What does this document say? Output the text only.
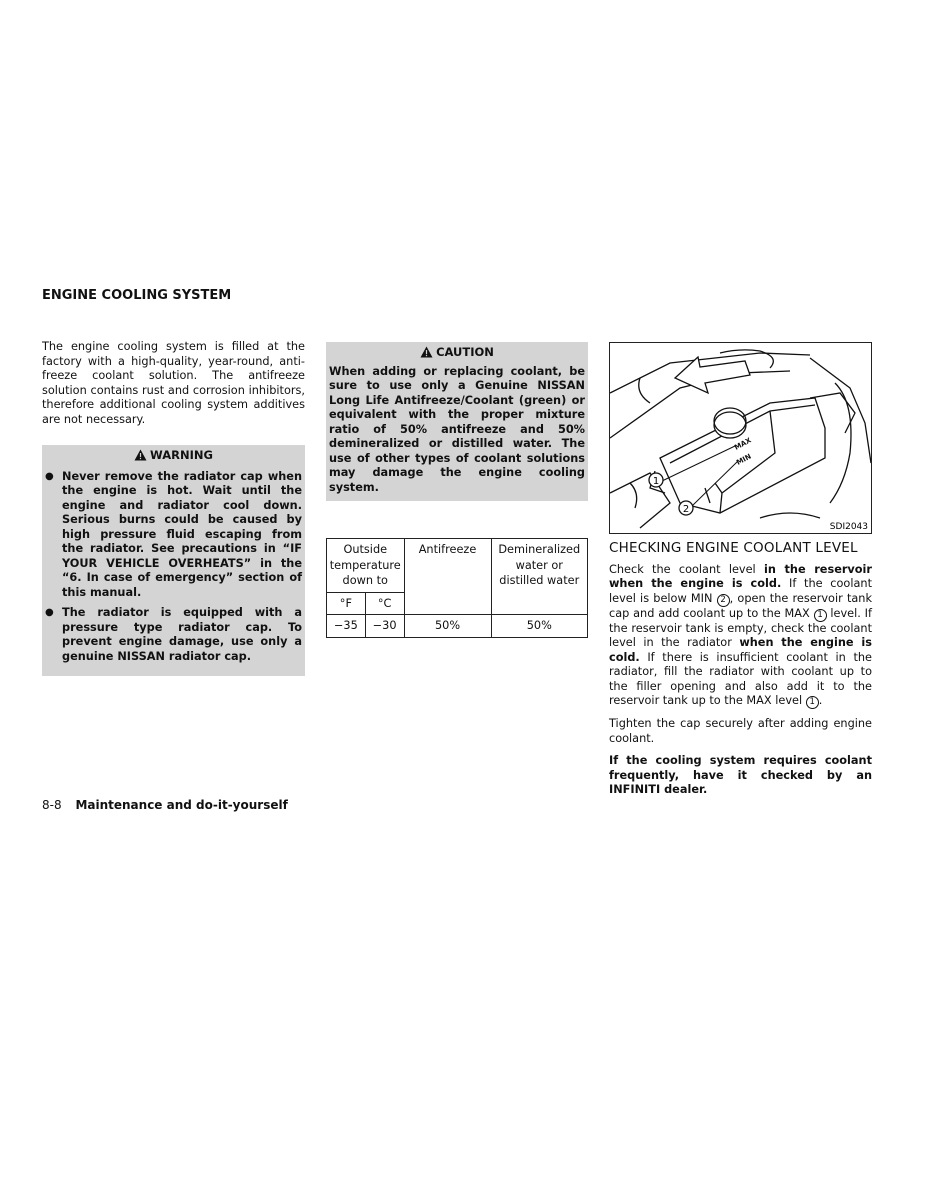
ENGINE COOLING SYSTEM

The engine cooling system is filled at the factory with a high-quality, year-round, anti-freeze coolant solution. The antifreeze solution contains rust and corrosion inhibitors, therefore additional cooling system additives are not necessary.

WARNING
● Never remove the radiator cap when the engine is hot. Wait until the engine and radiator cool down. Serious burns could be caused by high pressure fluid escaping from the radiator. See precautions in “IF YOUR VEHICLE OVERHEATS” in the “6. In case of emergency” section of this manual.
● The radiator is equipped with a pressure type radiator cap. To prevent engine damage, use only a genuine NISSAN radiator cap.
CAUTION

When adding or replacing coolant, be sure to use only a Genuine NISSAN Long Life Antifreeze/Coolant (green) or equivalent with the proper mixture ratio of 50% antifreeze and 50% demineralized or distilled water. The use of other types of coolant solutions may damage the engine cooling system.

Outside temperature down to		Antifreeze	Demineralized water or distilled water
°F	°C		
−35	−30	50%	50%
MAX
MIN
1
2
SDI2043
CHECKING ENGINE COOLANT LEVEL

Check the coolant level in the reservoir when the engine is cold. If the coolant level is below MIN 2 , open the reservoir tank cap and add coolant up to the MAX 1 level. If the reservoir tank is empty, check the coolant level in the radiator when the engine is cold. If there is insufficient coolant in the radiator, fill the radiator with coolant up to the filler opening and also add it to the reservoir tank up to the MAX level 1 .

Tighten the cap securely after adding engine coolant.

If the cooling system requires coolant frequently, have it checked by an INFINITI dealer.

8-8 Maintenance and do-it-yourself
